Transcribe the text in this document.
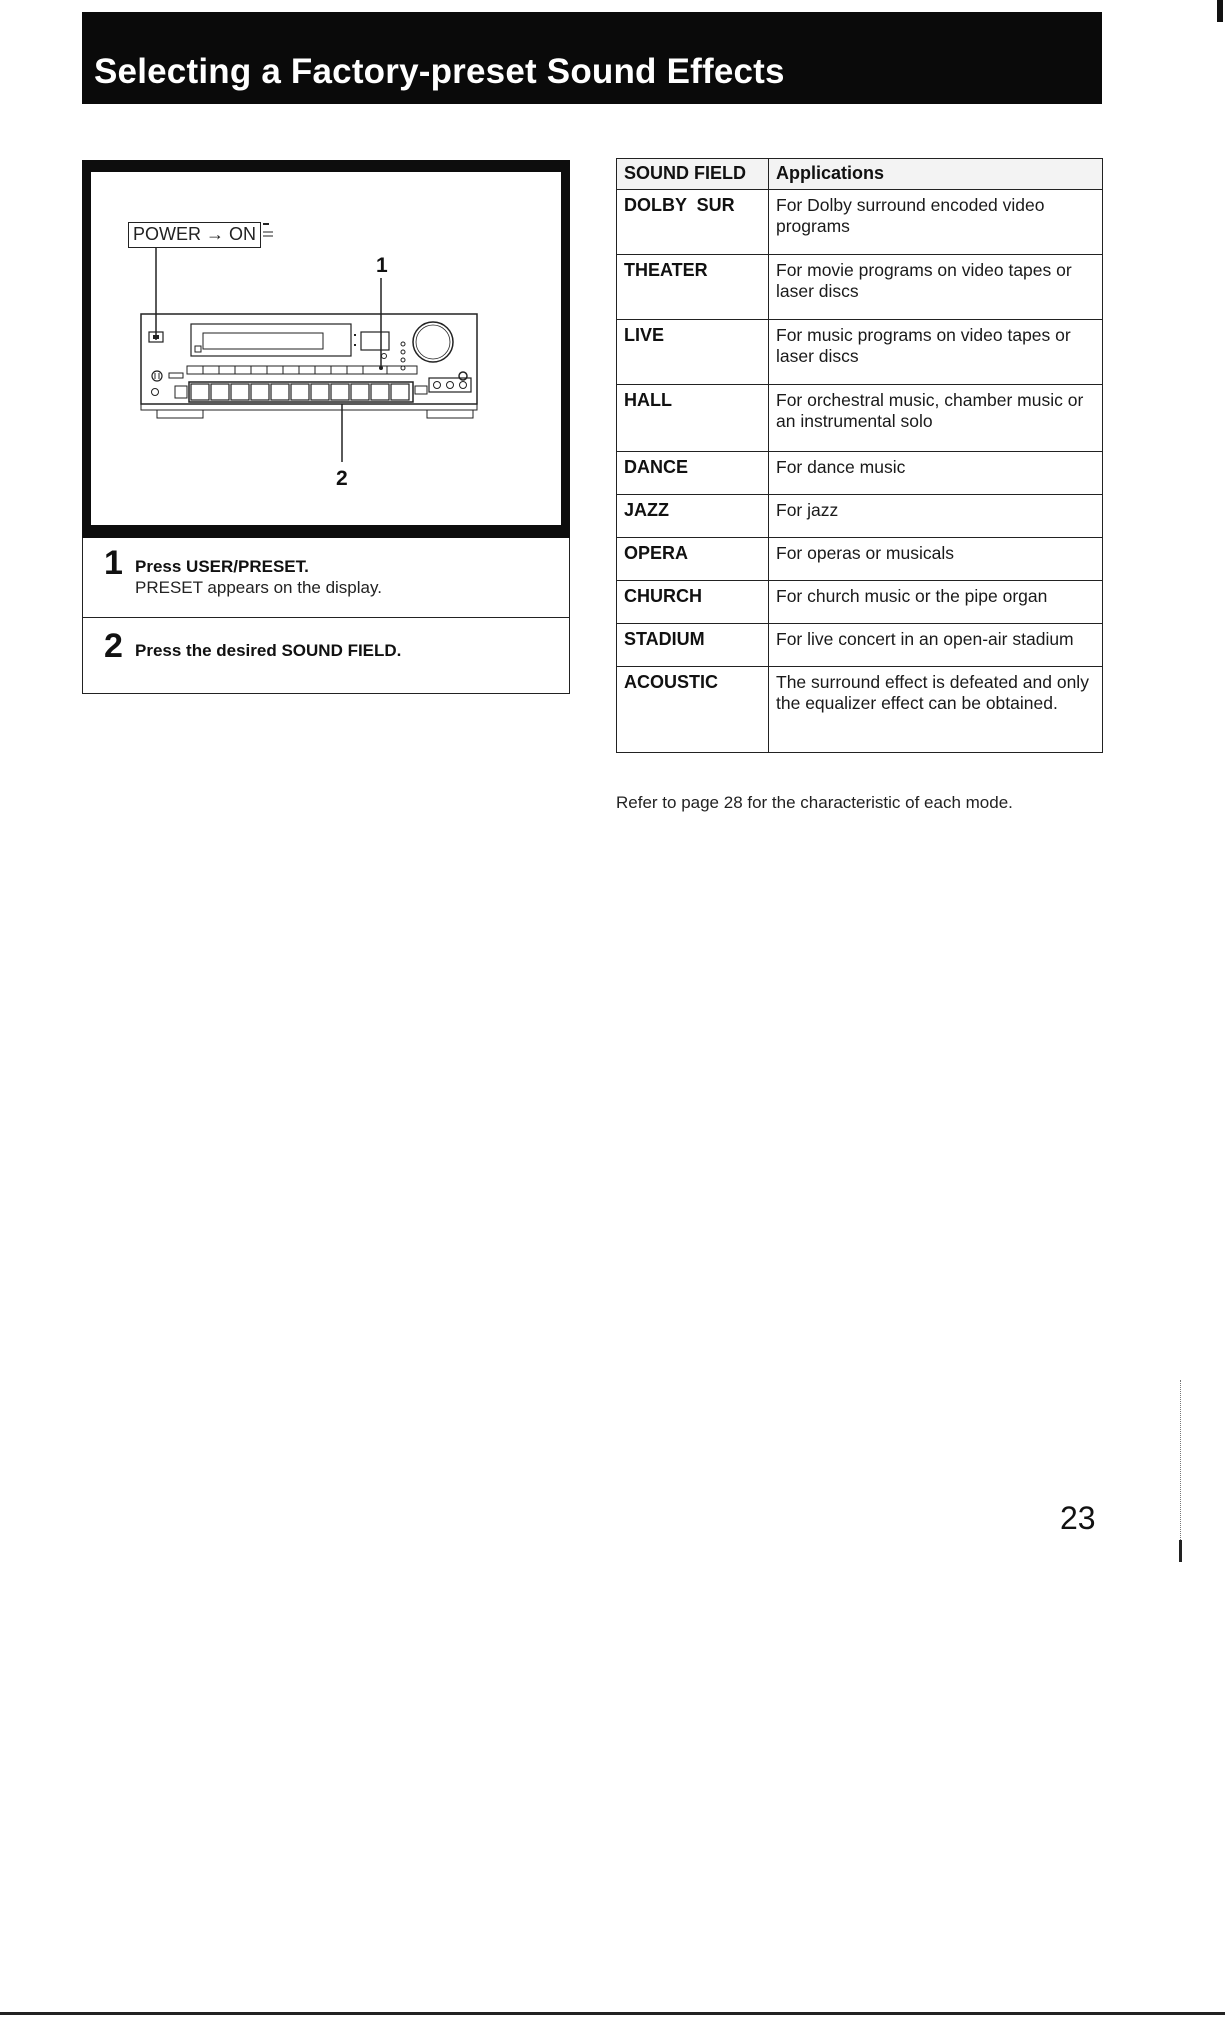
Selecting a Factory-preset Sound Effects
POWER → ON
1
2
1 Press USER/PRESET.
PRESET appears on the display.
2 Press the desired SOUND FIELD.
SOUND FIELD	Applications
DOLBY  SUR	For Dolby surround encoded video programs
THEATER	For movie programs on video tapes or laser discs
LIVE	For music programs on video tapes or laser discs
HALL	For orchestral music, chamber music or an instrumental solo
DANCE	For dance music
JAZZ	For jazz
OPERA	For operas or musicals
CHURCH	For church music or the pipe organ
STADIUM	For live concert in an open-air stadium
ACOUSTIC	The surround effect is defeated and only the equalizer effect can be obtained.
Refer to page 28 for the characteristic of each mode.
23
